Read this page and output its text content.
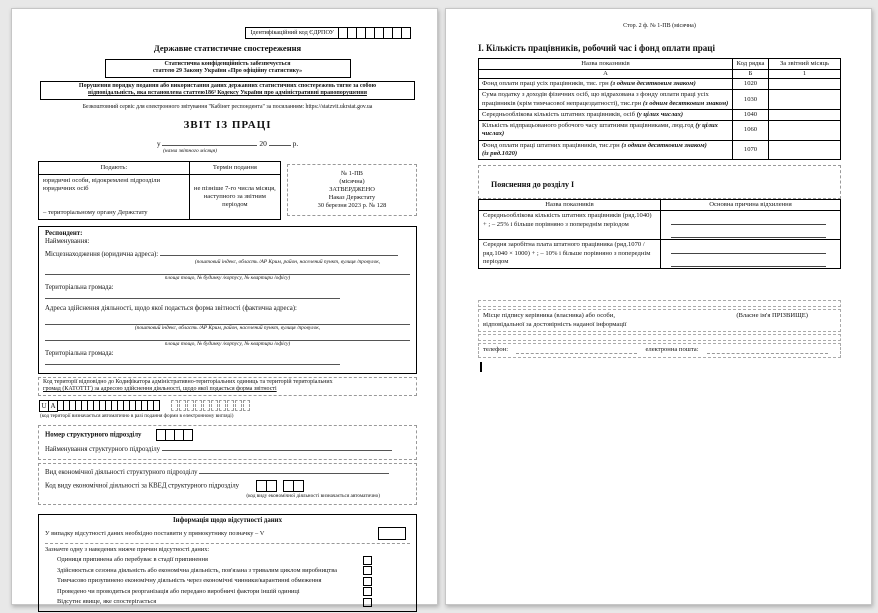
Ідентифікаційний код ЄДРПОУ
Державне статистичне спостереження
Статистична конфіденційність забезпечується
статтею 29 Закону України «Про офіційну статистику»
Порушення порядку подання або використання даних державних статистичних спостережень тягне за собою
відповідальність, яка встановлена статтею186³ Кодексу України про адміністративні правопорушення
Безкоштовний сервіс для електронного звітування "Кабінет респондента" за посиланням: https://statzvit.ukrstat.gov.ua
ЗВІТ ІЗ ПРАЦІ
у	20	р.
(назва звітного місяця)
Подають:	Термін подання
юридичні особи, відокремлені підрозділи юридичних осіб
– територіальному органу Держстату
не пізніше 7-го числа місяця, наступного за звітним періодом
№ 1-ПВ
(місячна)
ЗАТВЕРДЖЕНО
Наказ Держстату
30 березня 2023 р. № 128
Респондент:
Найменування:
Місцезнаходження (юридична адреса):
(поштовий індекс, область /АР Крим, район, населений пункт, вулиця /провулок,
площа тощо, № будинку /корпусу, № квартири /офісу)
Територіальна громада:
Адреса здійснення діяльності, щодо якої подається форма звітності (фактична адреса):
(поштовий індекс, область /АР Крим, район, населений пункт, вулиця /провулок,
площа тощо, № будинку /корпусу, № квартири /офісу)
Територіальна громада:
Код території відповідно до Кодифікатора адміністративно-територіальних одиниць та територій територіальних
громад (КАТОТТГ) за адресою здійснення діяльності, щодо якої подається форма звітності
U A
(код території визначається автоматично в разі подання форми в електронному вигляді)
Номер структурного підрозділу
Найменування структурного підрозділу
Вид економічної діяльності структурного підрозділу
Код виду економічної діяльності за КВЕД структурного підрозділу

(код виду економічної діяльності визначається автоматично)
Інформація щодо відсутності даних
У випадку відсутності даних необхідно поставити у прямокутнику позначку – V
Зазначте одну з наведених нижче причин відсутності даних:
Одиниця припинена або перебуває в стадії припинення
Здійснюється сезонна діяльність або економічна діяльність, пов'язана з тривалим циклом виробництва
Тимчасово призупинено економічну діяльність через економічні чинники/карантинні обмеження
Проведено чи проводиться реорганізація або передано виробничі фактори іншій одиниці
Відсутнє явище, яке спостерігається
Стор. 2 ф. № 1-ПВ (місячна)
І. Кількість працівників, робочий час і фонд оплати праці
Назва показників	Код рядка	За звітний місяць
А	Б	1
Фонд оплати праці усіх працівників, тис. грн (з одним десятковим знаком)	1020	
Сума податку з доходів фізичних осіб, що відрахована з фонду оплати праці усіх працівників (крім тимчасової непрацездатності), тис.грн (з одним десятковим знаком)	1030	
Середньооблікова кількість штатних працівників, осіб (у цілих числах)	1040	
Кількість відпрацьованого робочого часу штатними працівниками, люд.год (у цілих числах)	1060	
Фонд оплати праці штатних працівників, тис.грн (з одним десятковим знаком)
(із ряд.1020)	1070	
Пояснення до розділу І
Назва показників	Основна причина відхилення
Середньооблікова кількість штатних працівників (ряд.1040) + ; – 25% і більше порівняно з попереднім періодом	

Середня заробітна плата штатного працівника (ряд.1070 / ряд.1040 × 1000) + ; – 10% і більше порівняно з попереднім періодом	
Місце підпису керівника (власника) або особи,
відповідальної за достовірність наданої інформації
(Власне ім'я ПРІЗВИЩЕ)
телефон:	електронна пошта:
